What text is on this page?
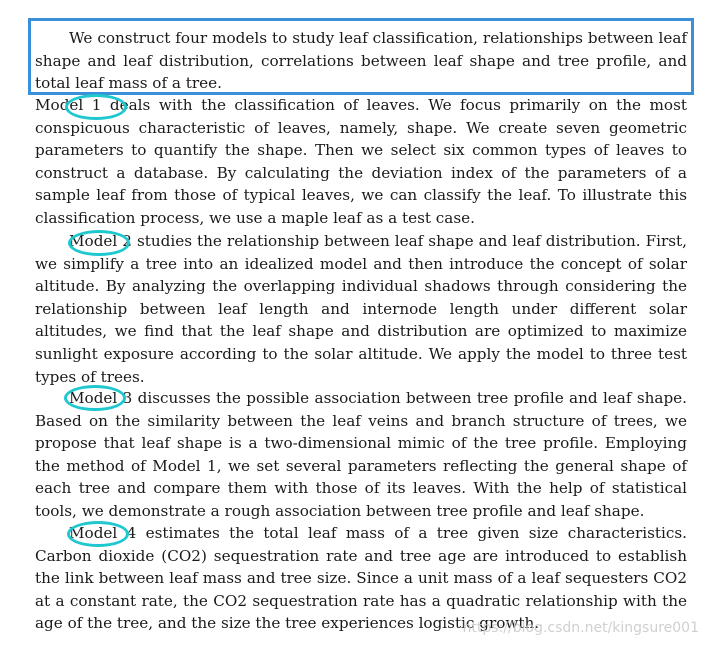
We construct four models to study leaf classification, relationships between leaf shape and leaf distribution, correlations between leaf shape and tree profile, and total leaf mass of a tree.

Model 1 deals with the classification of leaves. We focus primarily on the most conspicuous characteristic of leaves, namely, shape. We create seven geometric parameters to quantify the shape. Then we select six common types of leaves to construct a database. By calculating the deviation index of the parameters of a sample leaf from those of typical leaves, we can classify the leaf. To illustrate this classification process, we use a maple leaf as a test case.

Model 2 studies the relationship between leaf shape and leaf distribution. First, we simplify a tree into an idealized model and then introduce the concept of solar altitude. By analyzing the overlapping individual shadows through considering the relationship between leaf length and internode length under different solar altitudes, we find that the leaf shape and distribution are optimized to maximize sunlight exposure according to the solar altitude. We apply the model to three test types of trees.

Model 3 discusses the possible association between tree profile and leaf shape. Based on the similarity between the leaf veins and branch structure of trees, we propose that leaf shape is a two-dimensional mimic of the tree profile. Employing the method of Model 1, we set several parameters reflecting the general shape of each tree and compare them with those of its leaves. With the help of statistical tools, we demonstrate a rough association between tree profile and leaf shape.

Model 4 estimates the total leaf mass of a tree given size characteristics. Carbon dioxide (CO2) sequestration rate and tree age are introduced to establish the link between leaf mass and tree size. Since a unit mass of a leaf sequesters CO2 at a constant rate, the CO2 sequestration rate has a quadratic relationship with the age of the tree, and the size the tree experiences logistic growth.

https://blog.csdn.net/kingsure001
